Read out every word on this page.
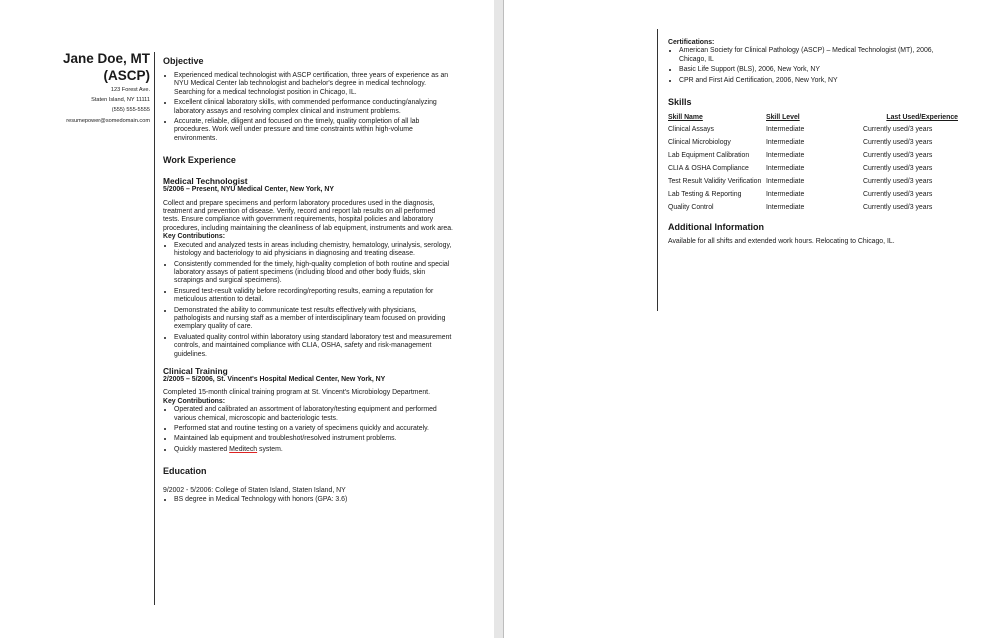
Jane Doe, MT
(ASCP)
123 Forest Ave.
Staten Island, NY 11111
(555) 555-5555
resumepower@somedomain.com
Objective
• Experienced medical technologist with ASCP certification, three years of experience as an NYU Medical Center lab technologist and bachelor's degree in medical technology. Searching for a medical technologist position in Chicago, IL.
• Excellent clinical laboratory skills, with commended performance conducting/analyzing laboratory assays and resolving complex clinical and instrument problems.
• Accurate, reliable, diligent and focused on the timely, quality completion of all lab procedures. Work well under pressure and time constraints within high-volume environments.
Work Experience
Medical Technologist
5/2006 – Present, NYU Medical Center, New York, NY
Collect and prepare specimens and perform laboratory procedures used in the diagnosis, treatment and prevention of disease. Verify, record and report lab results on all performed tests. Ensure compliance with government requirements, hospital policies and laboratory procedures, including maintaining the cleanliness of lab equipment, instruments and work area.
Key Contributions:
• Executed and analyzed tests in areas including chemistry, hematology, urinalysis, serology, histology and bacteriology to aid physicians in diagnosing and treating disease.
• Consistently commended for the timely, high-quality completion of both routine and special laboratory assays of patient specimens (including blood and other body fluids, skin scrapings and surgical specimens).
• Ensured test-result validity before recording/reporting results, earning a reputation for meticulous attention to detail.
• Demonstrated the ability to communicate test results effectively with physicians, pathologists and nursing staff as a member of interdisciplinary team focused on providing exemplary quality of care.
• Evaluated quality control within laboratory using standard laboratory test and measurement controls, and maintained compliance with CLIA, OSHA, safety and risk-management guidelines.
Clinical Training
2/2005 – 5/2006, St. Vincent's Hospital Medical Center, New York, NY
Completed 15-month clinical training program at St. Vincent's Microbiology Department.
Key Contributions:
• Operated and calibrated an assortment of laboratory/testing equipment and performed various chemical, microscopic and bacteriologic tests.
• Performed stat and routine testing on a variety of specimens quickly and accurately.
• Maintained lab equipment and troubleshot/resolved instrument problems.
• Quickly mastered Meditech system.
Education
9/2002 - 5/2006: College of Staten Island, Staten Island, NY
• BS degree in Medical Technology with honors (GPA: 3.6)
Certifications:
• American Society for Clinical Pathology (ASCP) – Medical Technologist (MT), 2006, Chicago, IL
• Basic Life Support (BLS), 2006, New York, NY
• CPR and First Aid Certification, 2006, New York, NY
Skills
Skill Name	Skill Level	Last Used/Experience
Clinical Assays	Intermediate	Currently used/3 years
Clinical Microbiology	Intermediate	Currently used/3 years
Lab Equipment Calibration	Intermediate	Currently used/3 years
CLIA & OSHA Compliance	Intermediate	Currently used/3 years
Test Result Validity Verification	Intermediate	Currently used/3 years
Lab Testing & Reporting	Intermediate	Currently used/3 years
Quality Control	Intermediate	Currently used/3 years
Additional Information
Available for all shifts and extended work hours. Relocating to Chicago, IL.
